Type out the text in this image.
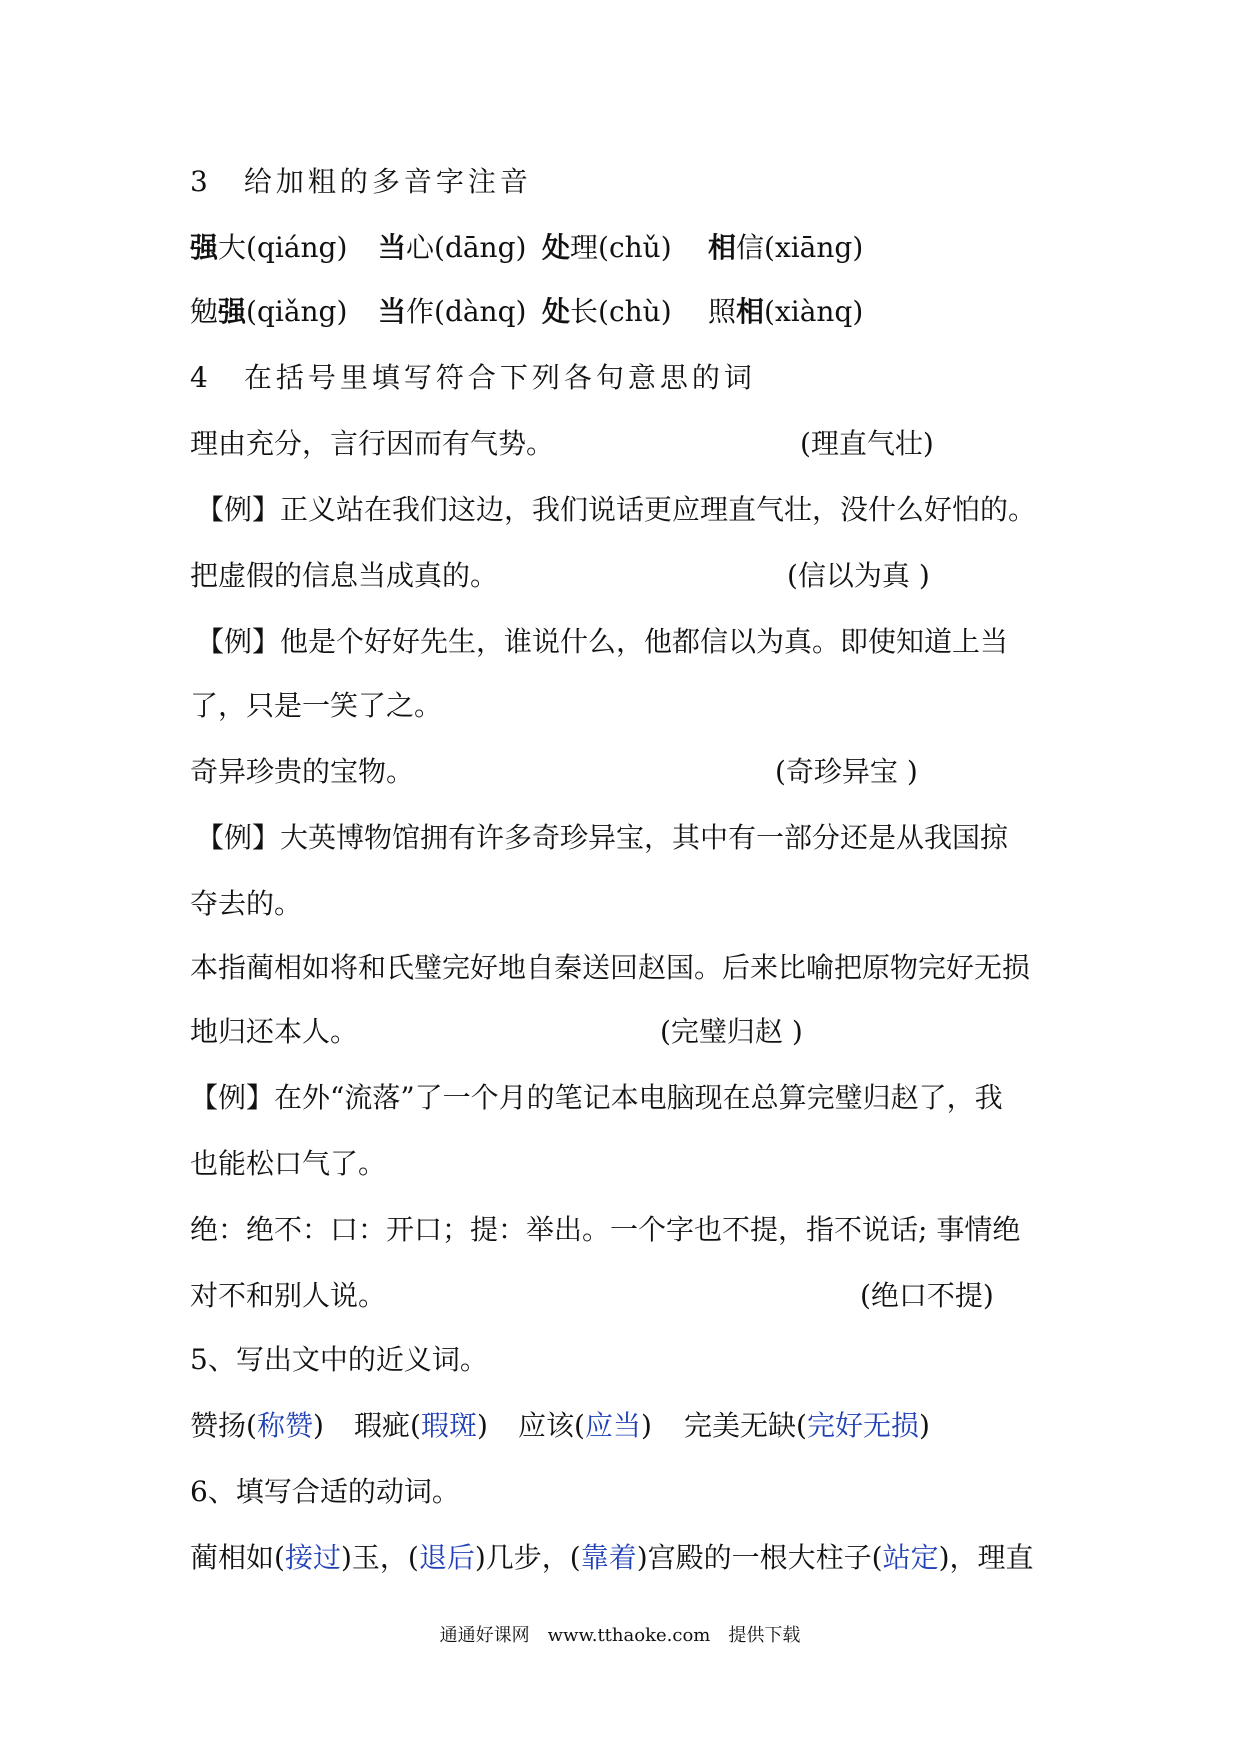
3　给加粗的多音字注音
强大(qiáng) 当心(dāng) 处理(chǔ) 相信(xiāng)
勉强(qiǎng) 当作(dànq) 处长(chù) 照相(xiànq)
4　在括号里填写符合下列各句意思的词
理由充分，言行因而有气势。	(理直气壮)
【例】正义站在我们这边，我们说话更应理直气壮，没什么好怕的。
把虚假的信息当成真的。	(信以为真 )
【例】他是个好好先生，谁说什么，他都信以为真。即使知道上当
了，只是一笑了之。
奇异珍贵的宝物。	(奇珍异宝 )
【例】大英博物馆拥有许多奇珍异宝，其中有一部分还是从我国掠
夺去的。
本指蔺相如将和氏璧完好地自秦送回赵国。后来比喻把原物完好无损
地归还本人。	(完璧归赵 )
【例】在外“流落”了一个月的笔记本电脑现在总算完璧归赵了，我
也能松口气了。
绝：绝不：口：开口；提：举出。一个字也不提，指不说话; 事情绝
对不和别人说。	(绝口不提)
5、写出文中的近义词。
赞扬(称赞) 瑕疵(瑕斑) 应该(应当) 完美无缺(完好无损)
6、填写合适的动词。
蔺相如(接过)玉，(退后)几步，(靠着)宫殿的一根大柱子(站定)，理直
通通好课网　www.tthaoke.com　提供下载
